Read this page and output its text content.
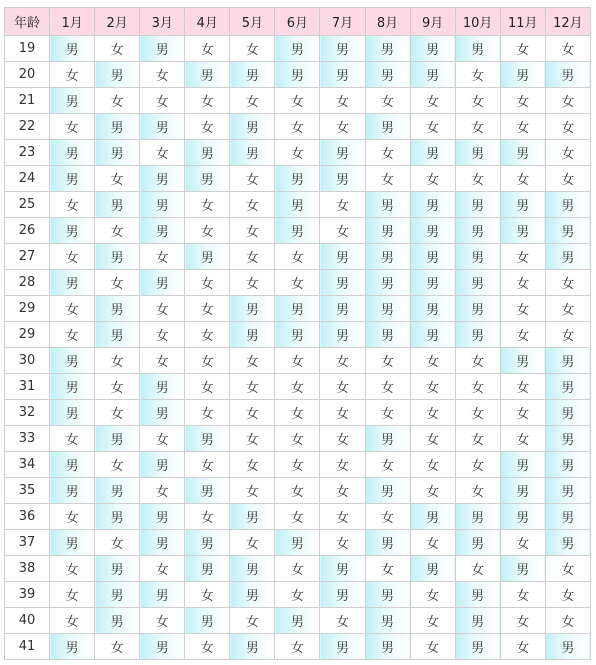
年龄	1月	2月	3月	4月	5月	6月	7月	8月	9月	10月	11月	12月
19	男	女	男	女	女	男	男	男	男	男	女	女
20	女	男	女	男	男	男	男	男	男	女	男	男
21	男	女	女	女	女	女	女	女	女	女	女	女
22	女	男	男	女	男	女	女	男	女	女	女	女
23	男	男	女	男	男	女	男	女	男	男	男	女
24	男	女	男	男	女	男	男	女	女	女	女	女
25	女	男	男	女	女	男	女	男	男	男	男	男
26	男	女	男	女	女	男	女	男	男	男	男	男
27	女	男	女	男	女	女	男	男	男	男	女	男
28	男	女	男	女	女	女	男	男	男	男	女	女
29	女	男	女	女	男	男	男	男	男	男	女	女
29	女	男	女	女	男	男	男	男	男	男	女	女
30	男	女	女	女	女	女	女	女	女	女	男	男
31	男	女	男	女	女	女	女	女	女	女	女	男
32	男	女	男	女	女	女	女	女	女	女	女	男
33	女	男	女	男	女	女	女	男	女	女	女	男
34	男	女	男	女	女	女	女	女	女	女	男	男
35	男	男	女	男	女	女	女	男	女	女	男	男
36	女	男	男	女	男	女	女	女	男	男	男	男
37	男	女	男	男	女	男	女	男	女	男	女	男
38	女	男	女	男	男	女	男	女	男	女	男	女
39	女	男	男	女	男	女	男	男	女	男	女	女
40	女	男	女	男	女	男	女	男	女	男	女	女
41	男	女	男	女	男	女	男	男	女	男	女	男
